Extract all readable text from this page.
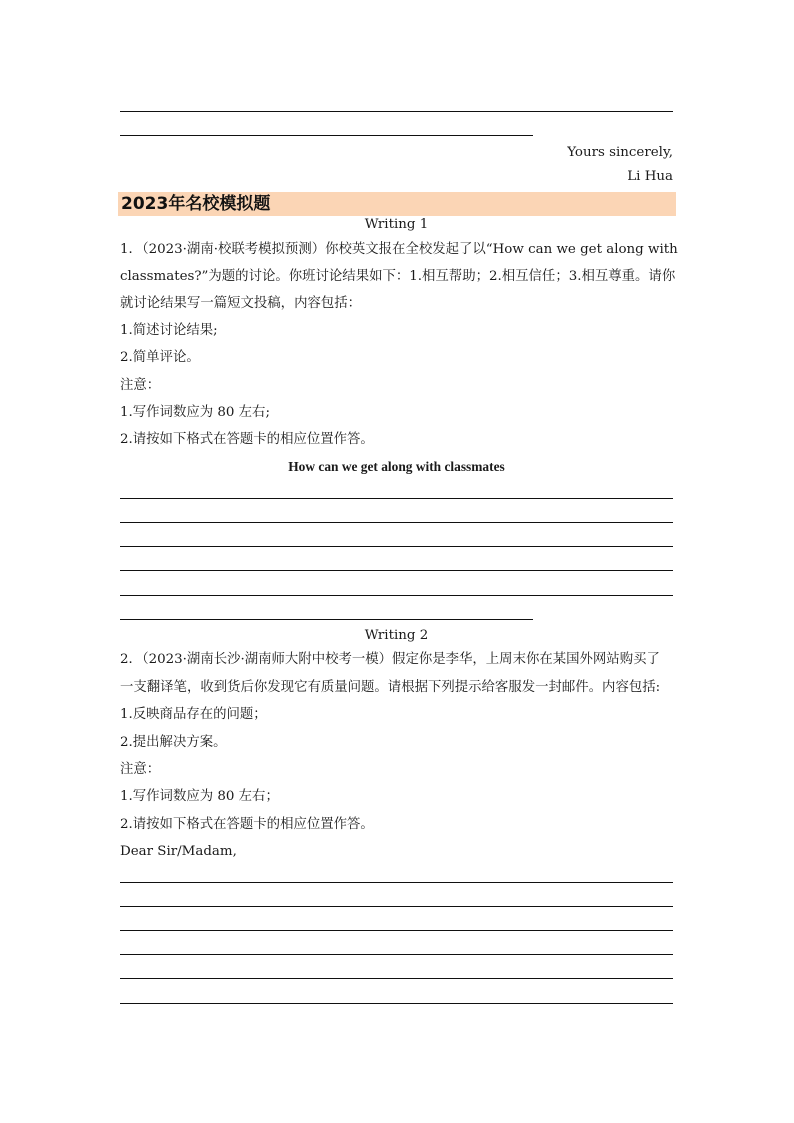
Yours sincerely,
Li Hua
2023年名校模拟题
Writing 1
1．（2023·湖南·校联考模拟预测）你校英文报在全校发起了以“How can we get along with
classmates?”为题的讨论。你班讨论结果如下：1.相互帮助；2.相互信任；3.相互尊重。请你
就讨论结果写一篇短文投稿，内容包括：
1.简述讨论结果;
2.简单评论。
注意：
1.写作词数应为 80 左右;
2.请按如下格式在答题卡的相应位置作答。
How can we get along with classmates
Writing 2
2．（2023·湖南长沙·湖南师大附中校考一模）假定你是李华，上周末你在某国外网站购买了
一支翻译笔，收到货后你发现它有质量问题。请根据下列提示给客服发一封邮件。内容包括:
1.反映商品存在的问题；
2.提出解决方案。
注意：
1.写作词数应为 80 左右；
2.请按如下格式在答题卡的相应位置作答。
Dear Sir/Madam,
